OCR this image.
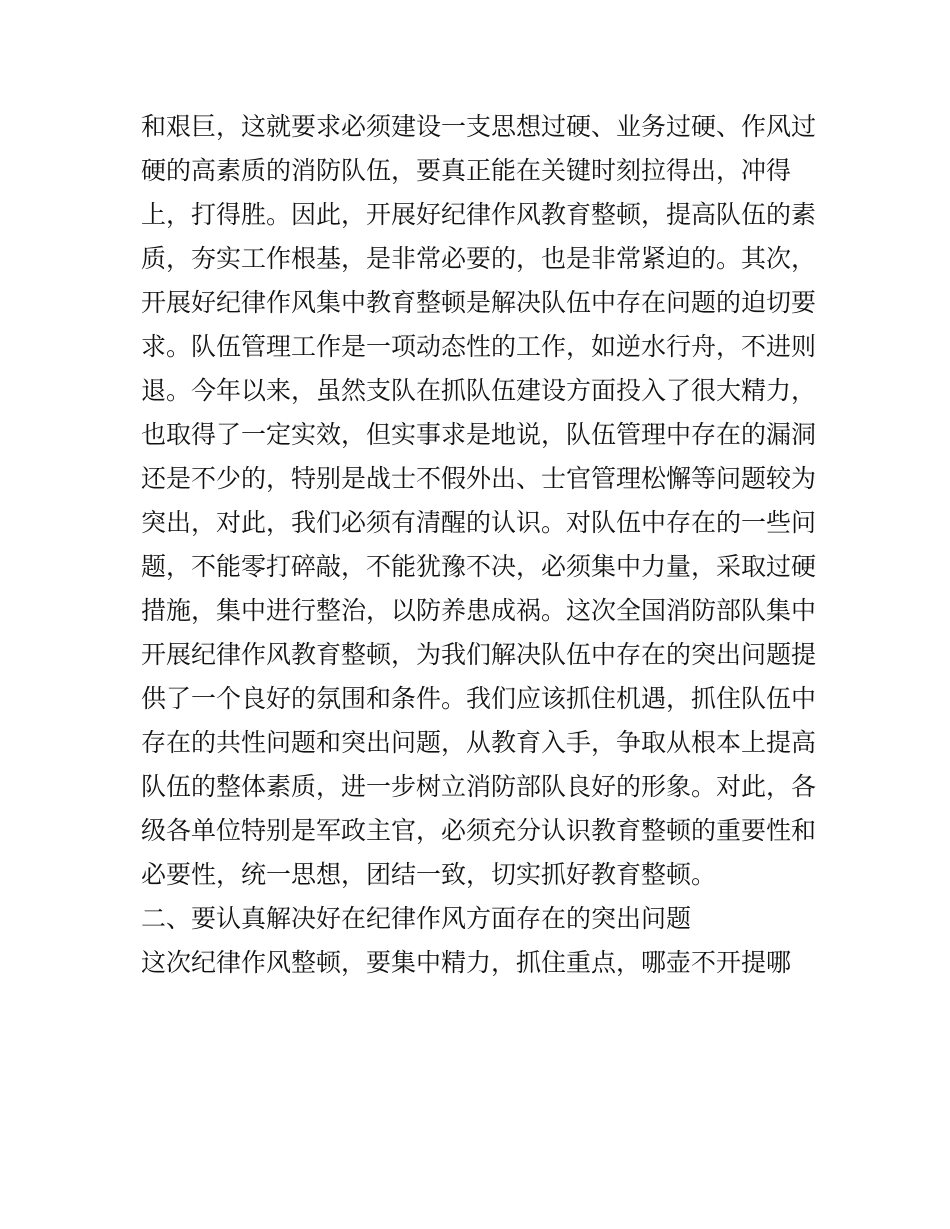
和艰巨，这就要求必须建设一支思想过硬、业务过硬、作风过
硬的高素质的消防队伍，要真正能在关键时刻拉得出，冲得
上，打得胜。因此，开展好纪律作风教育整顿，提高队伍的素
质，夯实工作根基，是非常必要的，也是非常紧迫的。其次，
开展好纪律作风集中教育整顿是解决队伍中存在问题的迫切要
求。队伍管理工作是一项动态性的工作，如逆水行舟，不进则
退。今年以来，虽然支队在抓队伍建设方面投入了很大精力，
也取得了一定实效，但实事求是地说，队伍管理中存在的漏洞
还是不少的，特别是战士不假外出、士官管理松懈等问题较为
突出，对此，我们必须有清醒的认识。对队伍中存在的一些问
题，不能零打碎敲，不能犹豫不决，必须集中力量，采取过硬
措施，集中进行整治，以防养患成祸。这次全国消防部队集中
开展纪律作风教育整顿，为我们解决队伍中存在的突出问题提
供了一个良好的氛围和条件。我们应该抓住机遇，抓住队伍中
存在的共性问题和突出问题，从教育入手，争取从根本上提高
队伍的整体素质，进一步树立消防部队良好的形象。对此，各
级各单位特别是军政主官，必须充分认识教育整顿的重要性和
必要性，统一思想，团结一致，切实抓好教育整顿。
二、要认真解决好在纪律作风方面存在的突出问题
这次纪律作风整顿，要集中精力，抓住重点，哪壶不开提哪
